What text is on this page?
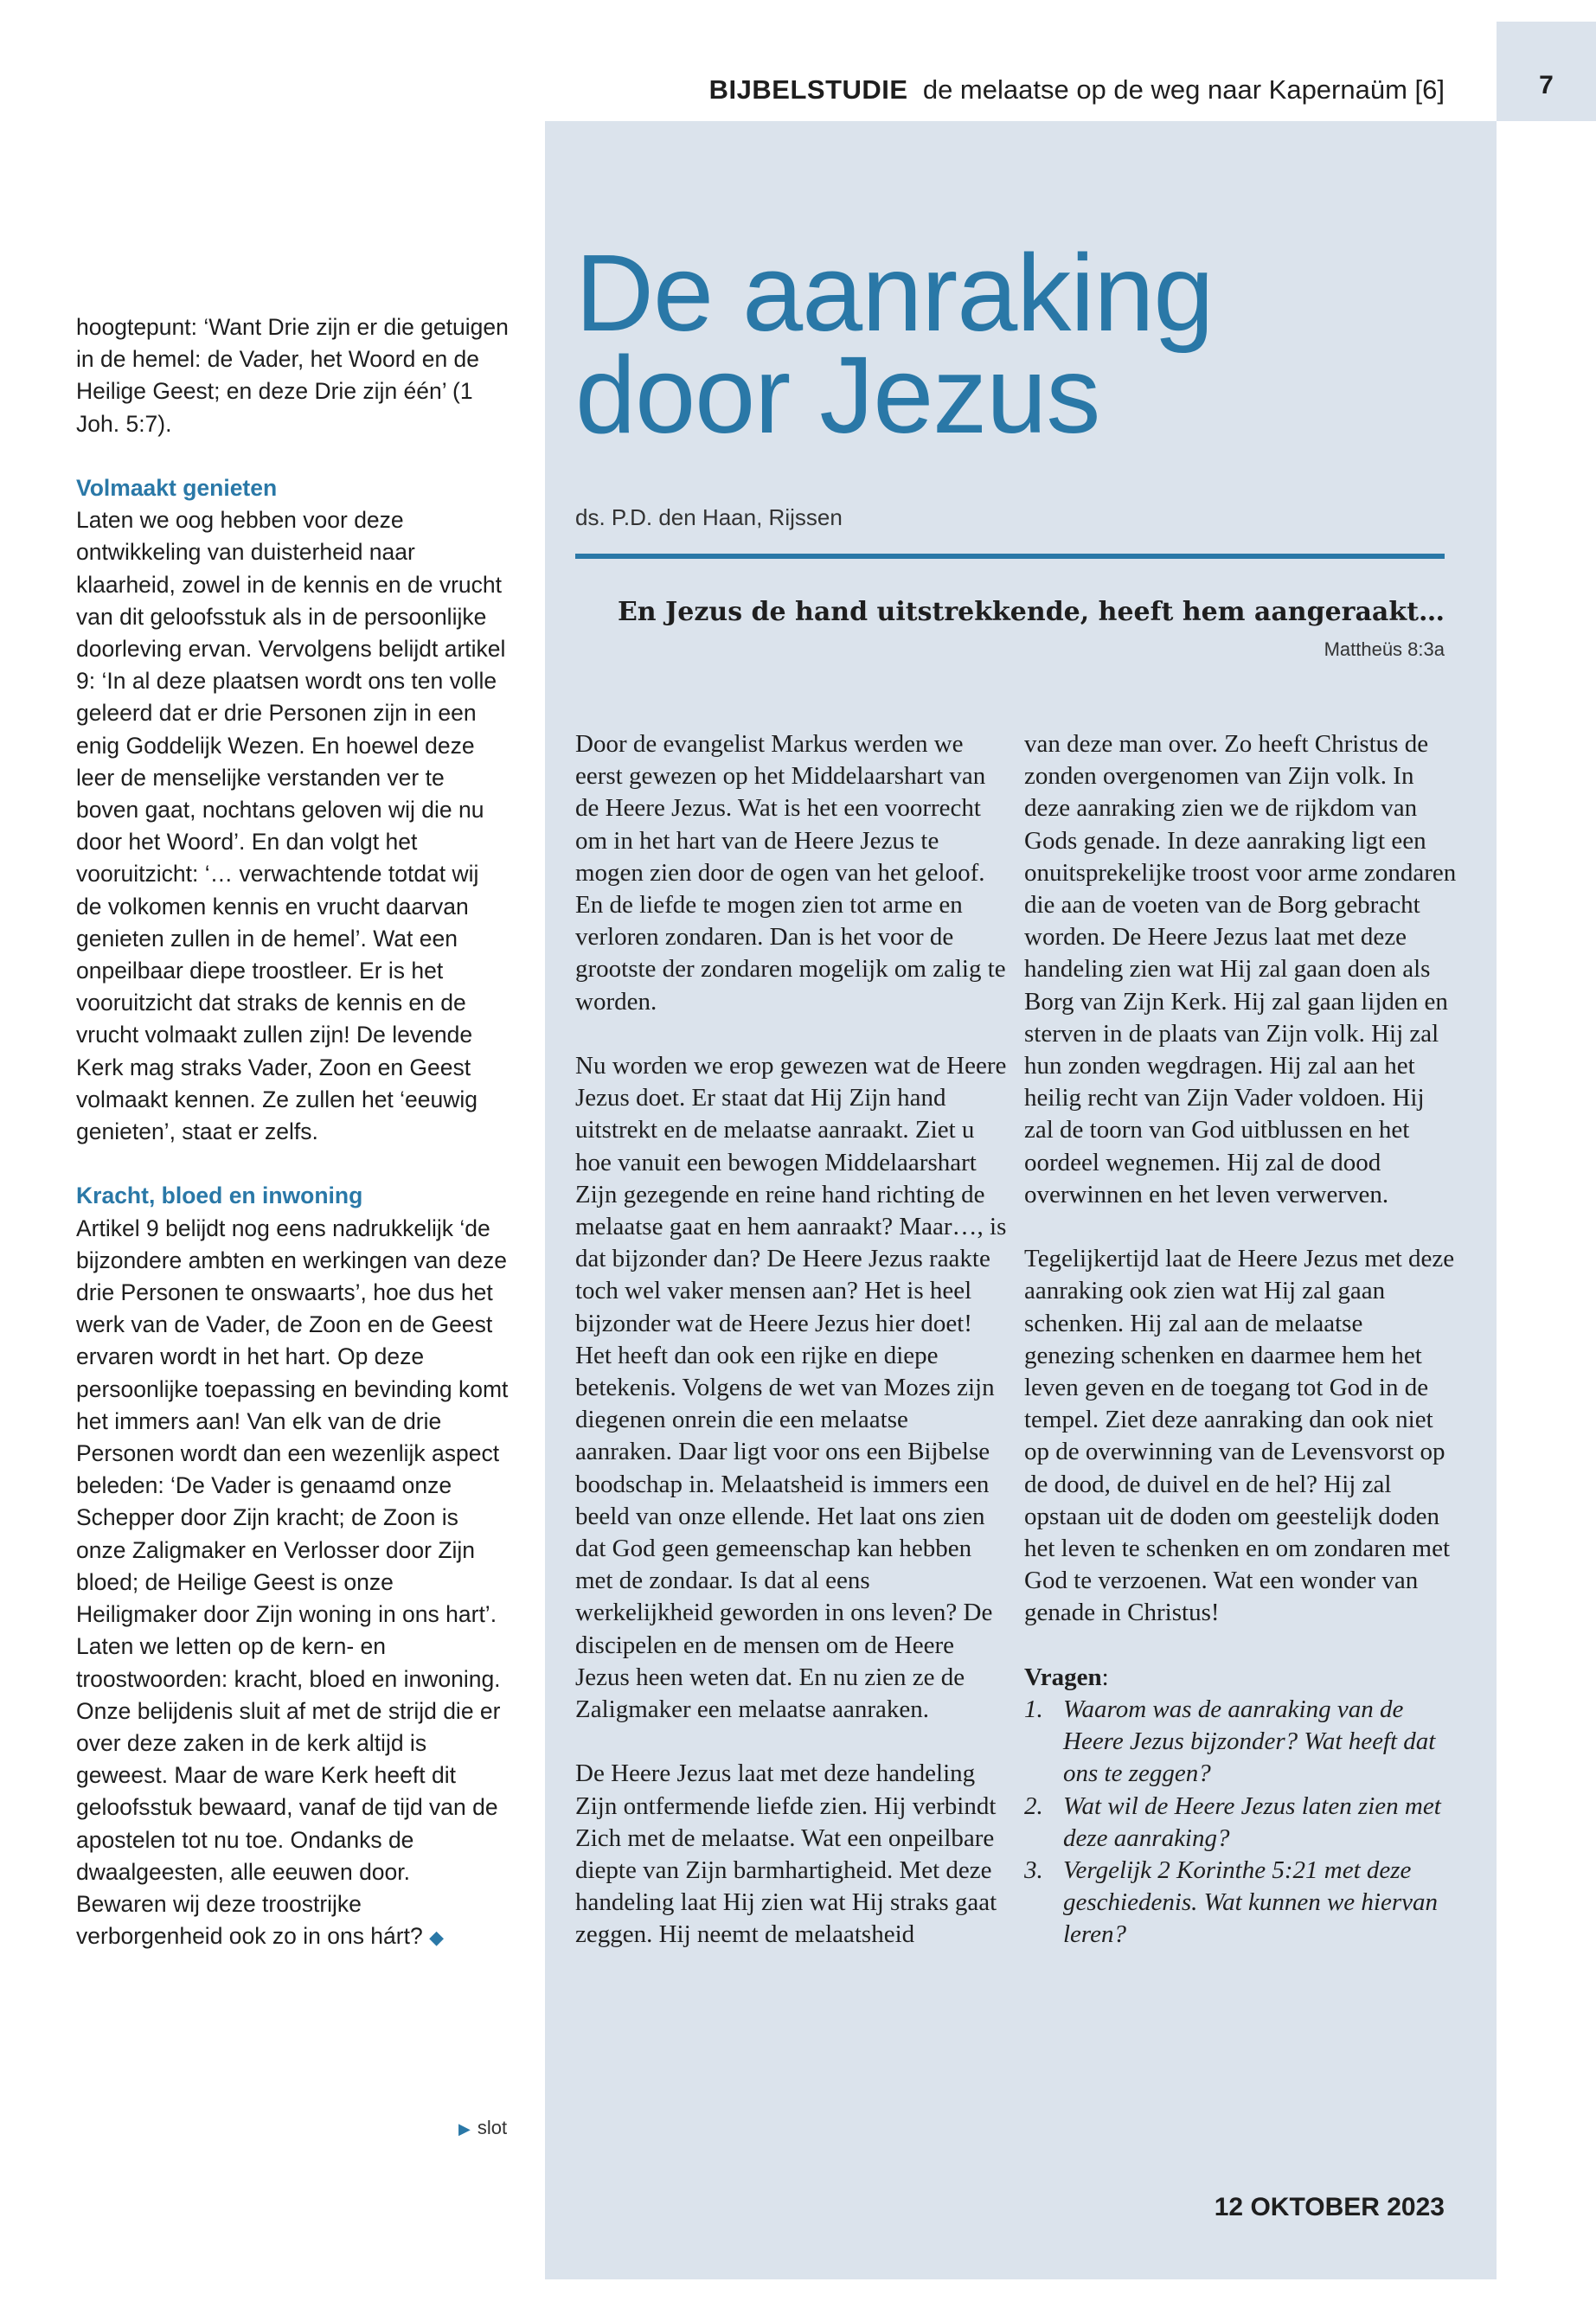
7
BIJBELSTUDIE de melaatse op de weg naar Kapernaüm [6]
De aanraking
door Jezus
ds. P.D. den Haan, Rijssen
En Jezus de hand uitstrekkende, heeft hem aangeraakt…
Mattheüs 8:3a

hoogtepunt: ‘Want Drie zijn er die getuigen in de hemel: de Vader, het Woord en de Heilige Geest; en deze Drie zijn één’ (1 Joh. 5:7).

Volmaakt genieten

Laten we oog hebben voor deze ontwikkeling van duisterheid naar klaarheid, zowel in de kennis en de vrucht van dit geloofsstuk als in de persoonlijke doorleving ervan. Vervolgens belijdt artikel 9: ‘In al deze plaatsen wordt ons ten volle geleerd dat er drie Personen zijn in een enig Goddelijk Wezen. En hoewel deze leer de menselijke verstanden ver te boven gaat, nochtans geloven wij die nu door het Woord’. En dan volgt het vooruitzicht: ‘… verwachtende totdat wij de volkomen kennis en vrucht daarvan genieten zullen in de hemel’. Wat een onpeilbaar diepe troostleer. Er is het vooruitzicht dat straks de kennis en de vrucht volmaakt zullen zijn! De levende Kerk mag straks Vader, Zoon en Geest volmaakt kennen. Ze zullen het ‘eeuwig genieten’, staat er zelfs.

Kracht, bloed en inwoning

Artikel 9 belijdt nog eens nadrukkelijk ‘de bijzondere ambten en werkingen van deze drie Personen te onswaarts’, hoe dus het werk van de Vader, de Zoon en de Geest ervaren wordt in het hart. Op deze persoonlijke toepassing en bevinding komt het immers aan! Van elk van de drie Personen wordt dan een wezenlijk aspect beleden: ‘De Vader is genaamd onze Schepper door Zijn kracht; de Zoon is onze Zaligmaker en Verlosser door Zijn bloed; de Heilige Geest is onze Heiligmaker door Zijn woning in ons hart’. Laten we letten op de kern- en troostwoorden: kracht, bloed en inwoning.

Onze belijdenis sluit af met de strijd die er over deze zaken in de kerk altijd is geweest. Maar de ware Kerk heeft dit geloofsstuk bewaard, vanaf de tijd van de apostelen tot nu toe. Ondanks de dwaalgeesten, alle eeuwen door.

Bewaren wij deze troostrijke verborgenheid ook zo in ons hárt? ◆

▶ slot

Door de evangelist Markus werden we eerst gewezen op het Middelaarshart van de Heere Jezus. Wat is het een voorrecht om in het hart van de Heere Jezus te mogen zien door de ogen van het geloof. En de liefde te mogen zien tot arme en verloren zondaren. Dan is het voor de grootste der zondaren mogelijk om zalig te worden.

Nu worden we erop gewezen wat de Heere Jezus doet. Er staat dat Hij Zijn hand uitstrekt en de melaatse aanraakt. Ziet u hoe vanuit een bewogen Middelaarshart Zijn gezegende en reine hand richting de melaatse gaat en hem aanraakt? Maar…, is dat bijzonder dan? De Heere Jezus raakte toch wel vaker mensen aan? Het is heel bijzonder wat de Heere Jezus hier doet! Het heeft dan ook een rijke en diepe betekenis. Volgens de wet van Mozes zijn diegenen onrein die een melaatse aanraken. Daar ligt voor ons een Bijbelse boodschap in. Melaatsheid is immers een beeld van onze ellende. Het laat ons zien dat God geen gemeenschap kan hebben met de zondaar. Is dat al eens werkelijkheid geworden in ons leven? De discipelen en de mensen om de Heere Jezus heen weten dat. En nu zien ze de Zaligmaker een melaatse aanraken.

De Heere Jezus laat met deze handeling Zijn ontfermende liefde zien. Hij verbindt Zich met de melaatse. Wat een onpeilbare diepte van Zijn barmhartigheid. Met deze handeling laat Hij zien wat Hij straks gaat zeggen. Hij neemt de melaatsheid

van deze man over. Zo heeft Christus de zonden overgenomen van Zijn volk. In deze aanraking zien we de rijkdom van Gods genade. In deze aanraking ligt een onuitsprekelijke troost voor arme zondaren die aan de voeten van de Borg gebracht worden. De Heere Jezus laat met deze handeling zien wat Hij zal gaan doen als Borg van Zijn Kerk. Hij zal gaan lijden en sterven in de plaats van Zijn volk. Hij zal hun zonden wegdragen. Hij zal aan het heilig recht van Zijn Vader voldoen. Hij zal de toorn van God uitblussen en het oordeel wegnemen. Hij zal de dood overwinnen en het leven verwerven.

Tegelijkertijd laat de Heere Jezus met deze aanraking ook zien wat Hij zal gaan schenken. Hij zal aan de melaatse genezing schenken en daarmee hem het leven geven en de toegang tot God in de tempel. Ziet deze aanraking dan ook niet op de overwinning van de Levensvorst op de dood, de duivel en de hel? Hij zal opstaan uit de doden om geestelijk doden het leven te schenken en om zondaren met God te verzoenen. Wat een wonder van genade in Christus!

Vragen:

1. Waarom was de aanraking van de Heere Jezus bijzonder? Wat heeft dat ons te zeggen?
2. Wat wil de Heere Jezus laten zien met deze aanraking?
3. Vergelijk 2 Korinthe 5:21 met deze geschiedenis. Wat kunnen we hiervan leren?
12 OKTOBER 2023
